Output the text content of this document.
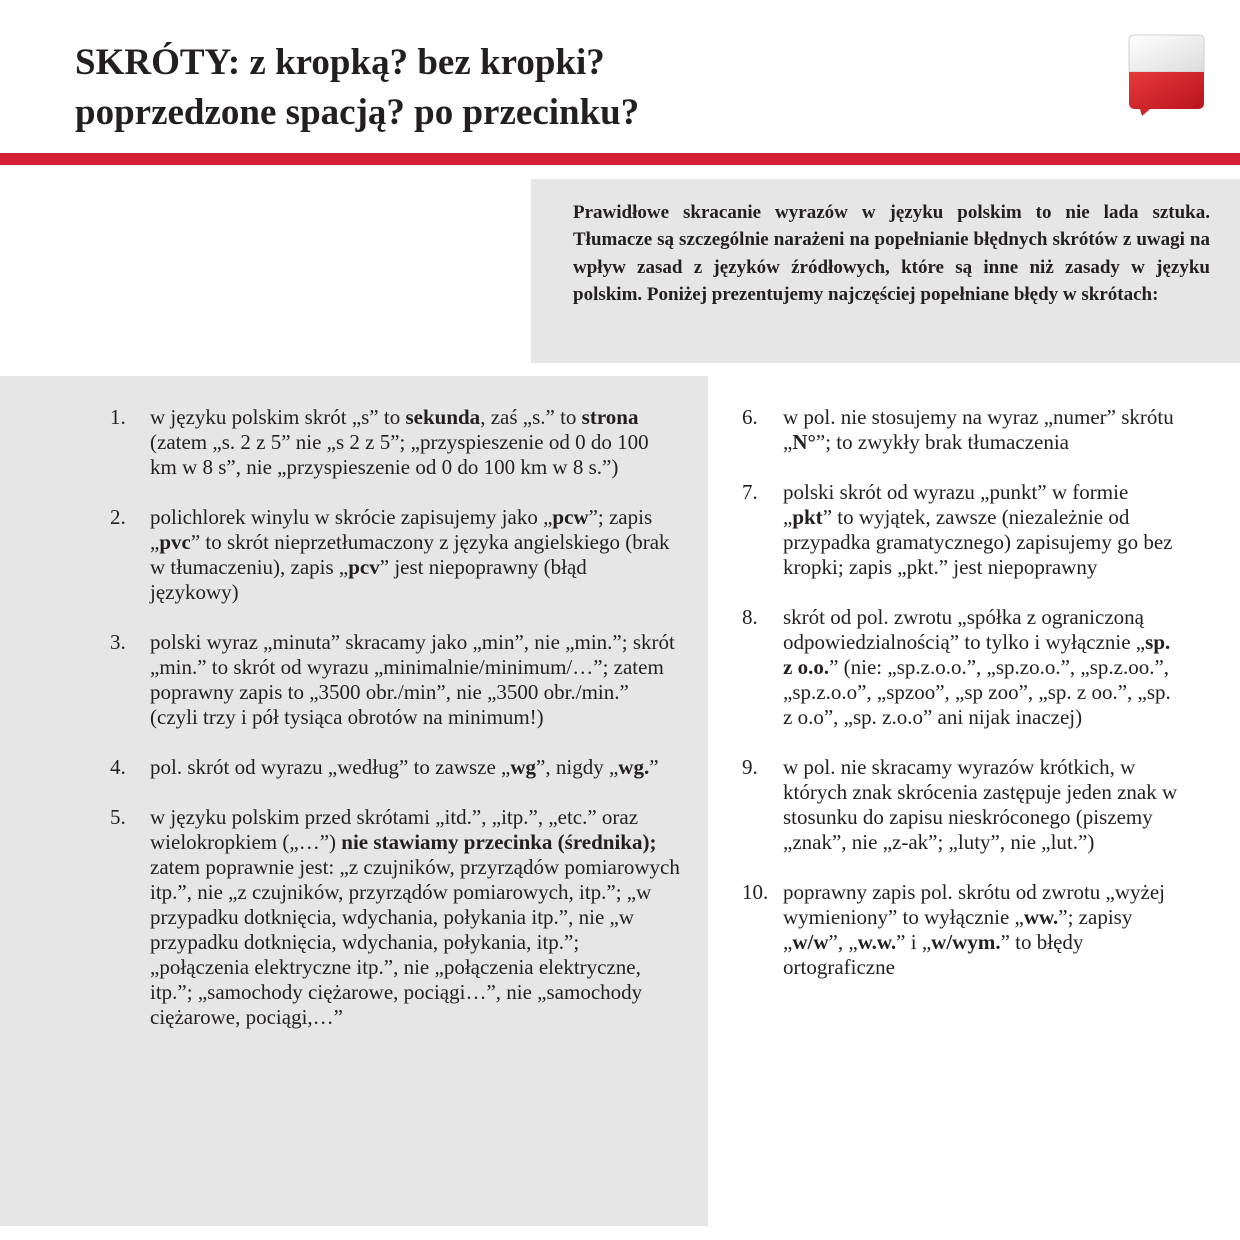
SKRÓTY: z kropką? bez kropki?
poprzedzone spacją? po przecinku?

Prawidłowe skracanie wyrazów w języku polskim to nie lada sztuka. Tłumacze są szczególnie narażeni na popełnianie błędnych skrótów z uwagi na wpływ zasad z języków źródłowych, które są inne niż zasady w języku polskim. Poniżej prezentujemy najczęściej popełniane błędy w skrótach:

1.	w języku polskim skrót „s” to sekunda, zaś „s.” to strona (zatem „s. 2 z 5” nie „s 2 z 5”; „przyspieszenie od 0 do 100 km w 8 s”, nie „przyspieszenie od 0 do 100 km w 8 s.”)
2.	polichlorek winylu w skrócie zapisujemy jako „pcw”; zapis „pvc” to skrót nieprzetłumaczony z języka angielskiego (brak w tłumaczeniu), zapis „pcv” jest niepoprawny (błąd językowy)
3.	polski wyraz „minuta” skracamy jako „min”, nie „min.”; skrót „min.” to skrót od wyrazu „minimalnie/minimum/…”; zatem poprawny zapis to „3500 obr./min”, nie „3500 obr./min.” (czyli trzy i pół tysiąca obrotów na minimum!)
4.	pol. skrót od wyrazu „według” to zawsze „wg”, nigdy „wg.”
5.	w języku polskim przed skrótami „itd.”, „itp.”, „etc.” oraz wielokropkiem („…”) nie stawiamy przecinka (średnika); zatem poprawnie jest: „z czujników, przyrządów pomiarowych itp.”, nie „z czujników, przyrządów pomiarowych, itp.”; „w przypadku dotknięcia, wdychania, połykania itp.”, nie „w przypadku dotknięcia, wdychania, połykania, itp.”; „połączenia elektryczne itp.”, nie „połączenia elektryczne, itp.”; „samochody ciężarowe, pociągi…”, nie „samochody ciężarowe, pociągi,…”
6.	w pol. nie stosujemy na wyraz „numer” skrótu „N°”; to zwykły brak tłumaczenia
7.	polski skrót od wyrazu „punkt” w formie „pkt” to wyjątek, zawsze (niezależnie od przypadka gramatycznego) zapisujemy go bez kropki; zapis „pkt.” jest niepoprawny
8.	skrót od pol. zwrotu „spółka z ograniczoną odpowiedzialnością” to tylko i wyłącznie „sp. z o.o.” (nie: „sp.z.o.o.”, „sp.zo.o.”, „sp.z.oo.”, „sp.z.o.o”, „spzoo”, „sp zoo”, „sp. z oo.”, „sp. z o.o”, „sp. z.o.o” ani nijak inaczej)
9.	w pol. nie skracamy wyrazów krótkich, w których znak skrócenia zastępuje jeden znak w stosunku do zapisu nieskróconego (piszemy „znak”, nie „z-ak”; „luty”, nie „lut.”)
10. poprawny zapis pol. skrótu od zwrotu „wyżej wymieniony” to wyłącznie „ww.”; zapisy „w/w”, „w.w.” i „w/wym.” to błędy ortograficzne
